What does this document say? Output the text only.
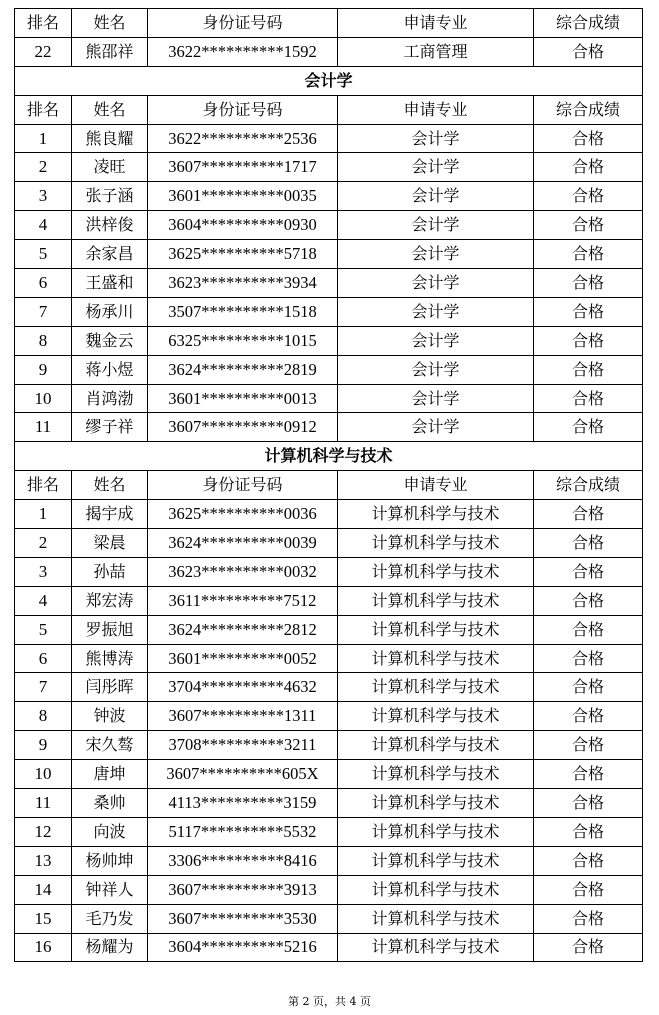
排名	姓名	身份证号码	申请专业	综合成绩
22	熊邵祥	3622**********1592	工商管理	合格
会计学				
排名	姓名	身份证号码	申请专业	综合成绩
1	熊良耀	3622**********2536	会计学	合格
2	凌旺	3607**********1717	会计学	合格
3	张子涵	3601**********0035	会计学	合格
4	洪梓俊	3604**********0930	会计学	合格
5	余家昌	3625**********5718	会计学	合格
6	王盛和	3623**********3934	会计学	合格
7	杨承川	3507**********1518	会计学	合格
8	魏金云	6325**********1015	会计学	合格
9	蒋小煜	3624**********2819	会计学	合格
10	肖鸿渤	3601**********0013	会计学	合格
11	缪子祥	3607**********0912	会计学	合格
计算机科学与技术				
排名	姓名	身份证号码	申请专业	综合成绩
1	揭宇成	3625**********0036	计算机科学与技术	合格
2	梁晨	3624**********0039	计算机科学与技术	合格
3	孙喆	3623**********0032	计算机科学与技术	合格
4	郑宏涛	3611**********7512	计算机科学与技术	合格
5	罗振旭	3624**********2812	计算机科学与技术	合格
6	熊博涛	3601**********0052	计算机科学与技术	合格
7	闫彤晖	3704**********4632	计算机科学与技术	合格
8	钟波	3607**********1311	计算机科学与技术	合格
9	宋久骜	3708**********3211	计算机科学与技术	合格
10	唐坤	3607**********605X	计算机科学与技术	合格
11	桑帅	4113**********3159	计算机科学与技术	合格
12	向波	5117**********5532	计算机科学与技术	合格
13	杨帅坤	3306**********8416	计算机科学与技术	合格
14	钟祥人	3607**********3913	计算机科学与技术	合格
15	毛乃发	3607**********3530	计算机科学与技术	合格
16	杨耀为	3604**********5216	计算机科学与技术	合格
第 2 页，共 4 页
